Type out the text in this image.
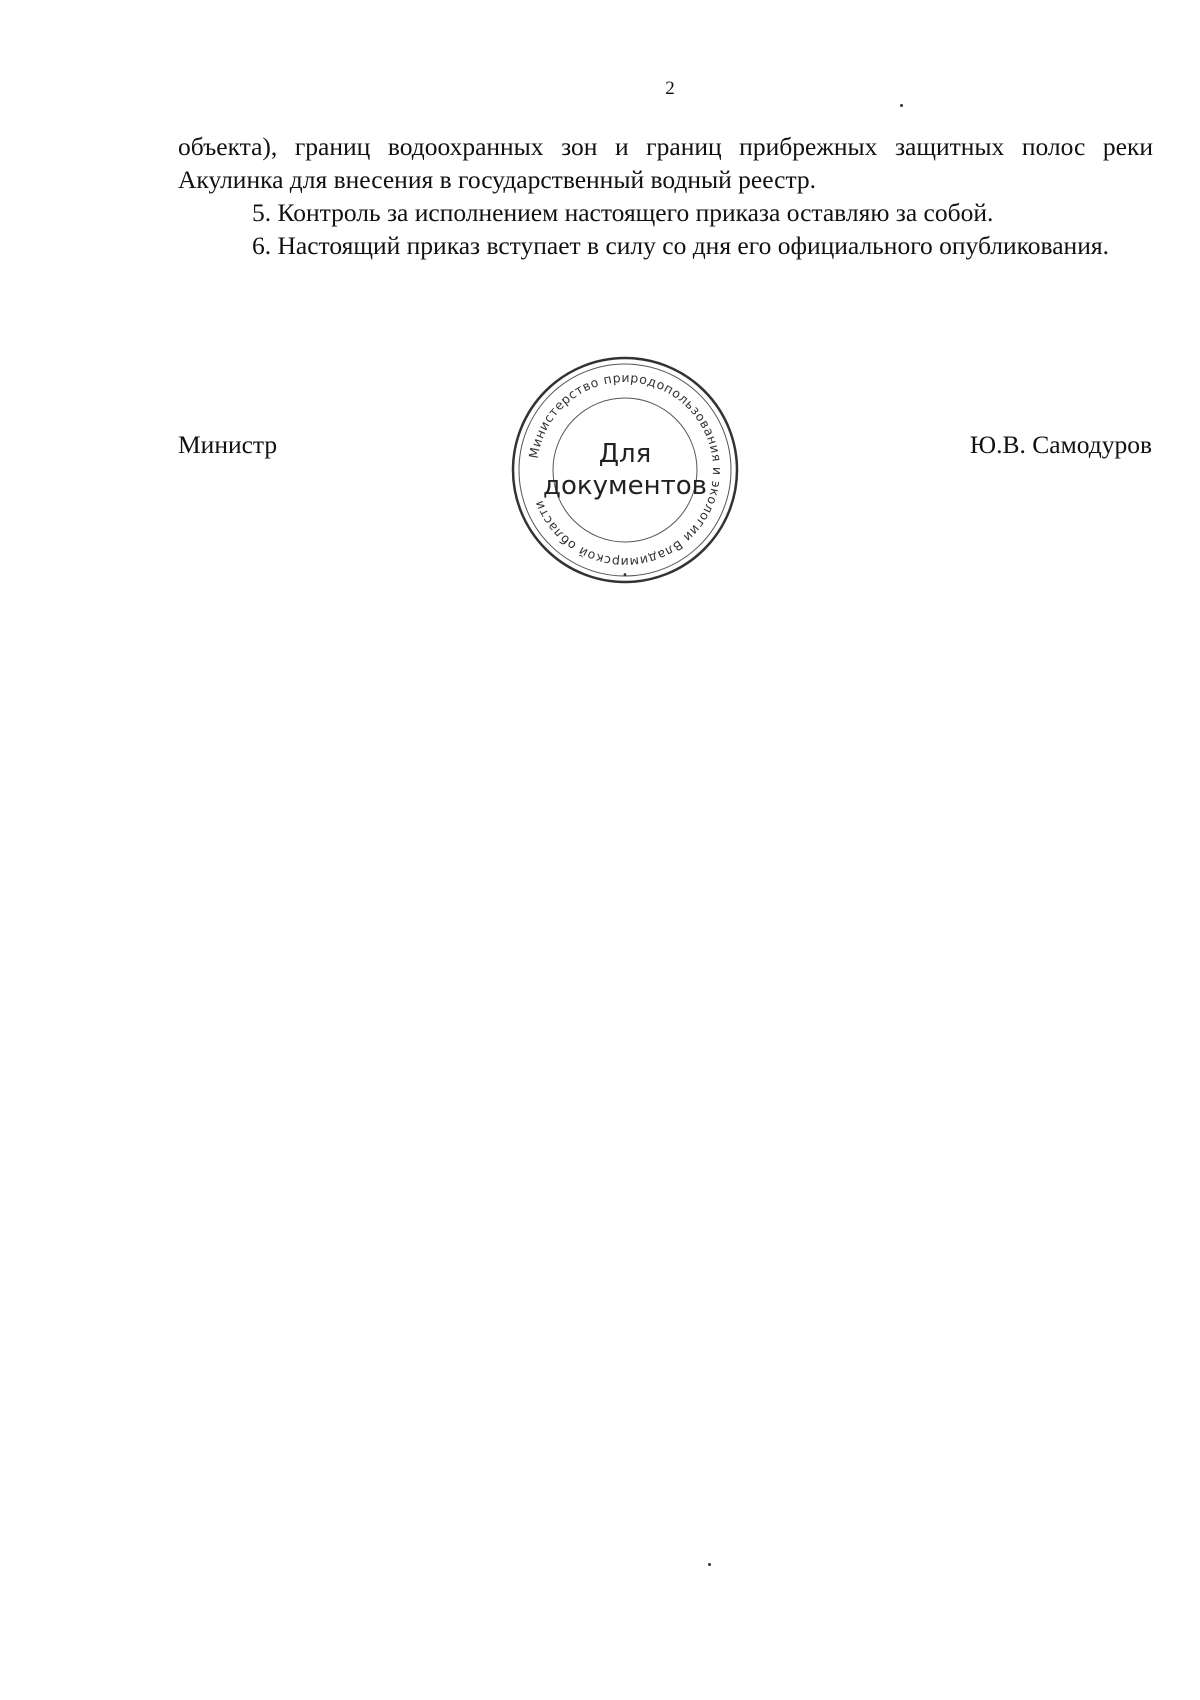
2

объекта), границ водоохранных зон и границ прибрежных защитных полос реки Акулинка для внесения в государственный водный реестр.

5. Контроль за исполнением настоящего приказа оставляю за собой.

6. Настоящий приказ вступает в силу со дня его официального опубликования.

Министр	Ю.В. Самодуров
Министерство природопользования и экологии Владимирской области
•
Для
документов
